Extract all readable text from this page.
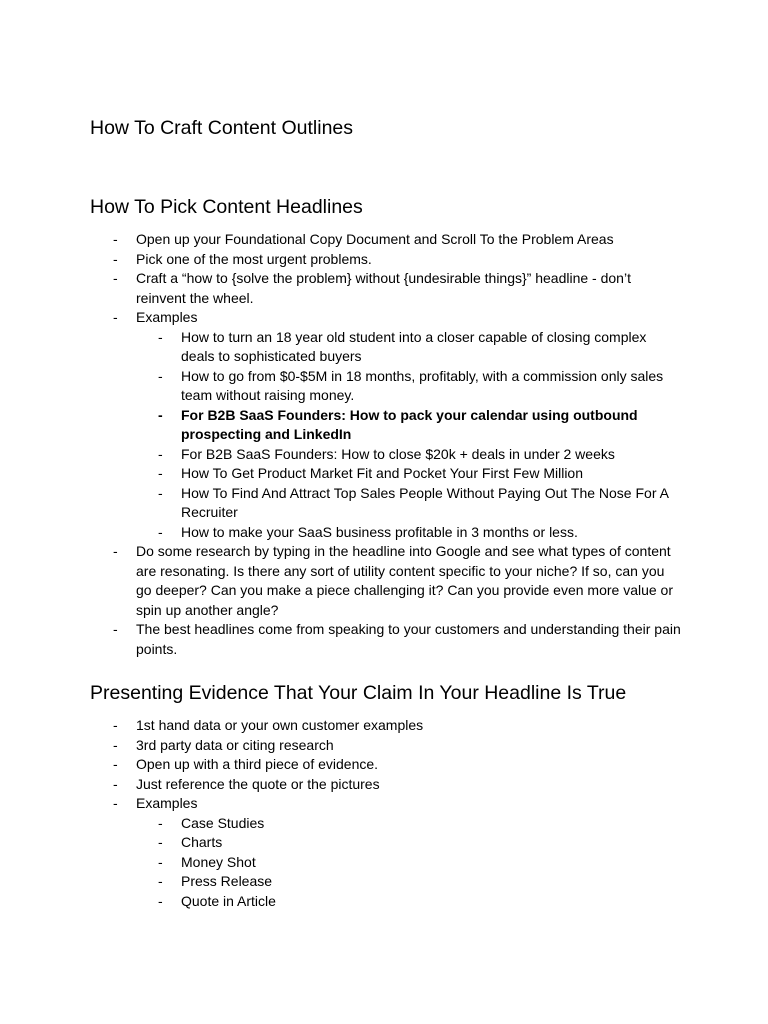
How To Craft Content Outlines
How To Pick Content Headlines
- Open up your Foundational Copy Document and Scroll To the Problem Areas
- Pick one of the most urgent problems.
- Craft a “how to {solve the problem} without {undesirable things}” headline - don’t reinvent the wheel.
- Examples
- How to turn an 18 year old student into a closer capable of closing complex deals to sophisticated buyers
- How to go from $0-$5M in 18 months, profitably, with a commission only sales team without raising money.
- For B2B SaaS Founders: How to pack your calendar using outbound prospecting and LinkedIn
- For B2B SaaS Founders: How to close $20k + deals in under 2 weeks
- How To Get Product Market Fit and Pocket Your First Few Million
- How To Find And Attract Top Sales People Without Paying Out The Nose For A Recruiter
- How to make your SaaS business profitable in 3 months or less.
- Do some research by typing in the headline into Google and see what types of content are resonating. Is there any sort of utility content specific to your niche? If so, can you go deeper? Can you make a piece challenging it? Can you provide even more value or spin up another angle?
- The best headlines come from speaking to your customers and understanding their pain points.
Presenting Evidence That Your Claim In Your Headline Is True
- 1st hand data or your own customer examples
- 3rd party data or citing research
- Open up with a third piece of evidence.
- Just reference the quote or the pictures
- Examples
- Case Studies
- Charts
- Money Shot
- Press Release
- Quote in Article
